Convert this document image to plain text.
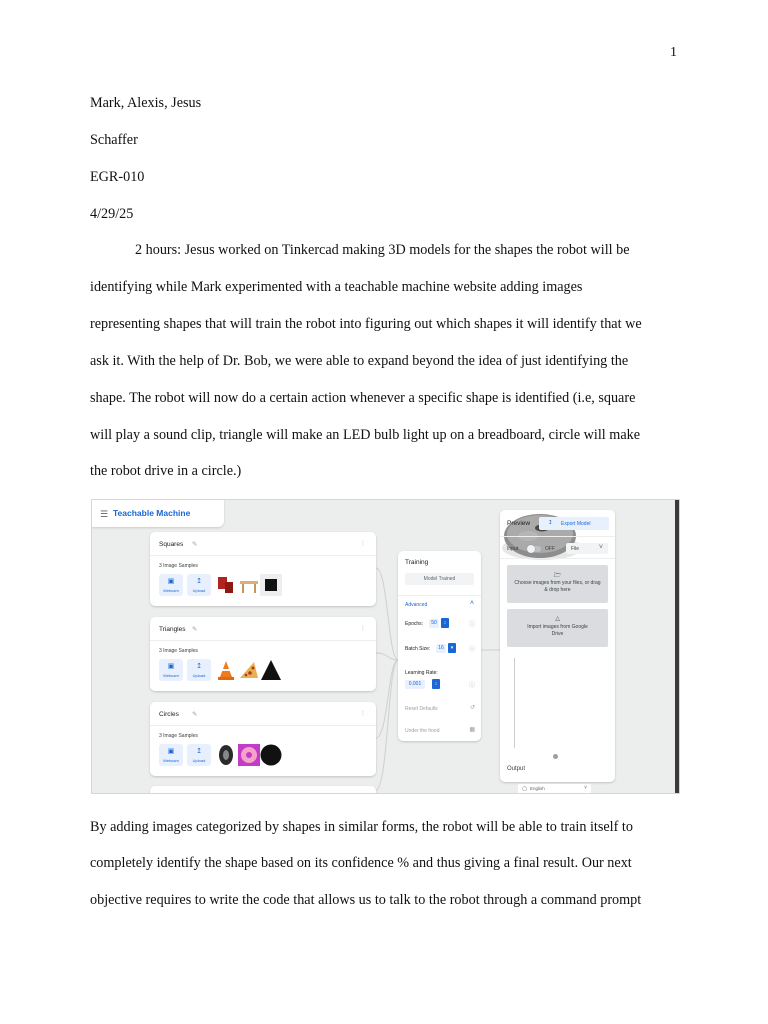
1
Mark, Alexis, Jesus
Schaffer
EGR-010
4/29/25
2 hours: Jesus worked on Tinkercad making 3D models for the shapes the robot will be
identifying while Mark experimented with a teachable machine website adding images
representing shapes that will train the robot into figuring out which shapes it will identify that we
ask it. With the help of Dr. Bob, we were able to expand beyond the idea of just identifying the
shape. The robot will now do a certain action whenever a specific shape is identified (i.e, square
will play a sound clip, triangle will make an LED bulb light up on a breadboard, circle will make
the robot drive in a circle.)
☰ Teachable Machine
Squares ✎	⋮
3 Image Samples
▣
Webcam
↥
Upload
Triangles ✎	⋮
3 Image Samples
▣
Webcam
↥
Upload
Circles ✎	⋮
3 Image Samples
▣
Webcam
↥
Upload
Training
Model Trained
Advanced	˄
Epochs:	50	↕	ⓘ
Batch Size:	16	▾	ⓘ
Learning Rate:
0.001	↕	ⓘ
Reset Defaults	↺
Under the hood	▦
Preview	↥ Export Model
Input	OFF	File	˅
🗁
Choose images from your files, or drag & drop here
△
Import images from Google Drive
Output
◯ English	˅
By adding images categorized by shapes in similar forms, the robot will be able to train itself to
completely identify the shape based on its confidence % and thus giving a final result. Our next
objective requires to write the code that allows us to talk to the robot through a command prompt
